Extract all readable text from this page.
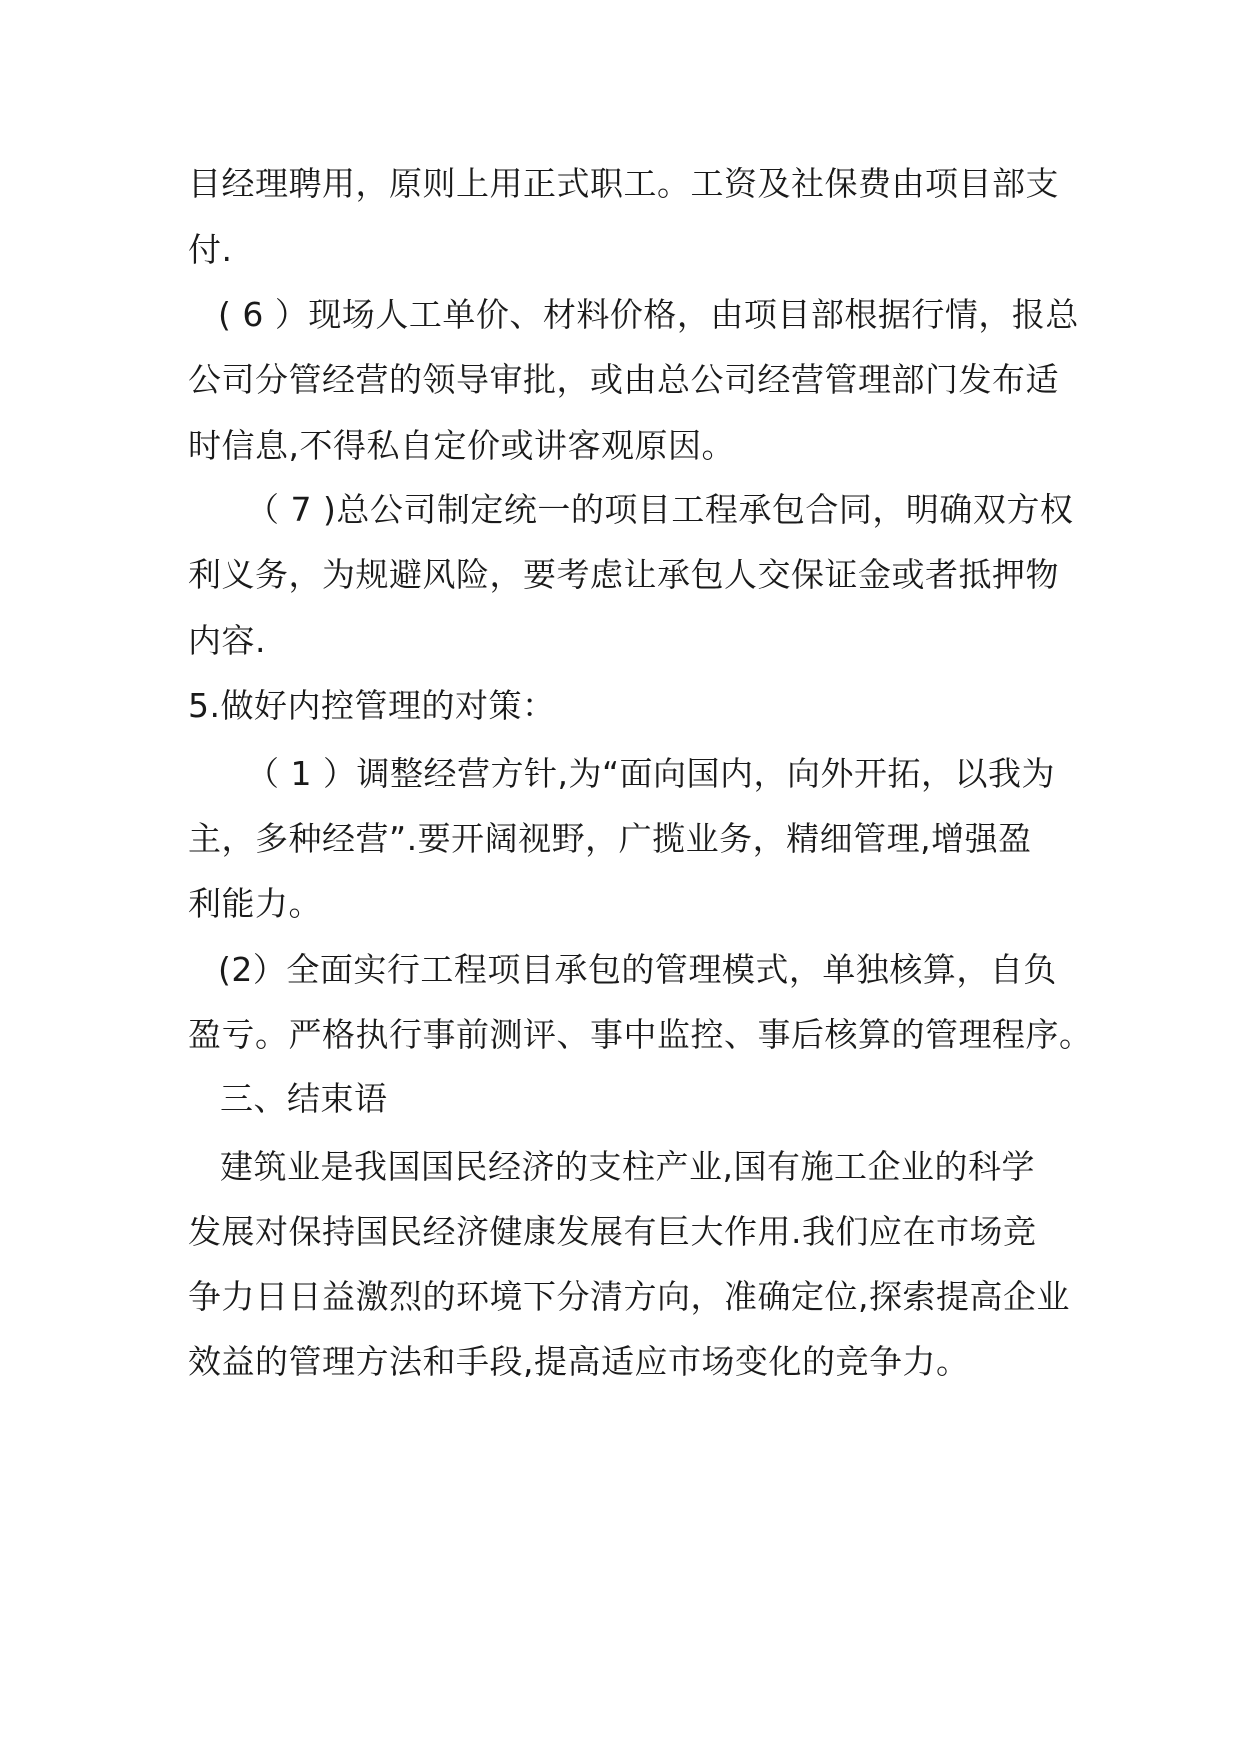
目经理聘用，原则上用正式职工。工资及社保费由项目部支
付.
( 6 ）现场人工单价、材料价格，由项目部根据行情，报总
公司分管经营的领导审批，或由总公司经营管理部门发布适
时信息,不得私自定价或讲客观原因。
（ 7 )总公司制定统一的项目工程承包合同，明确双方权
利义务，为规避风险，要考虑让承包人交保证金或者抵押物
内容.
5.做好内控管理的对策：
（ 1 ）调整经营方针,为“面向国内，向外开拓，以我为
主，多种经营”.要开阔视野，广揽业务，精细管理,增强盈
利能力。
(2）全面实行工程项目承包的管理模式，单独核算，自负
盈亏。严格执行事前测评、事中监控、事后核算的管理程序。
三、结束语
建筑业是我国国民经济的支柱产业,国有施工企业的科学
发展对保持国民经济健康发展有巨大作用.我们应在市场竞
争力日日益激烈的环境下分清方向，准确定位,探索提高企业
效益的管理方法和手段,提高适应市场变化的竞争力。
